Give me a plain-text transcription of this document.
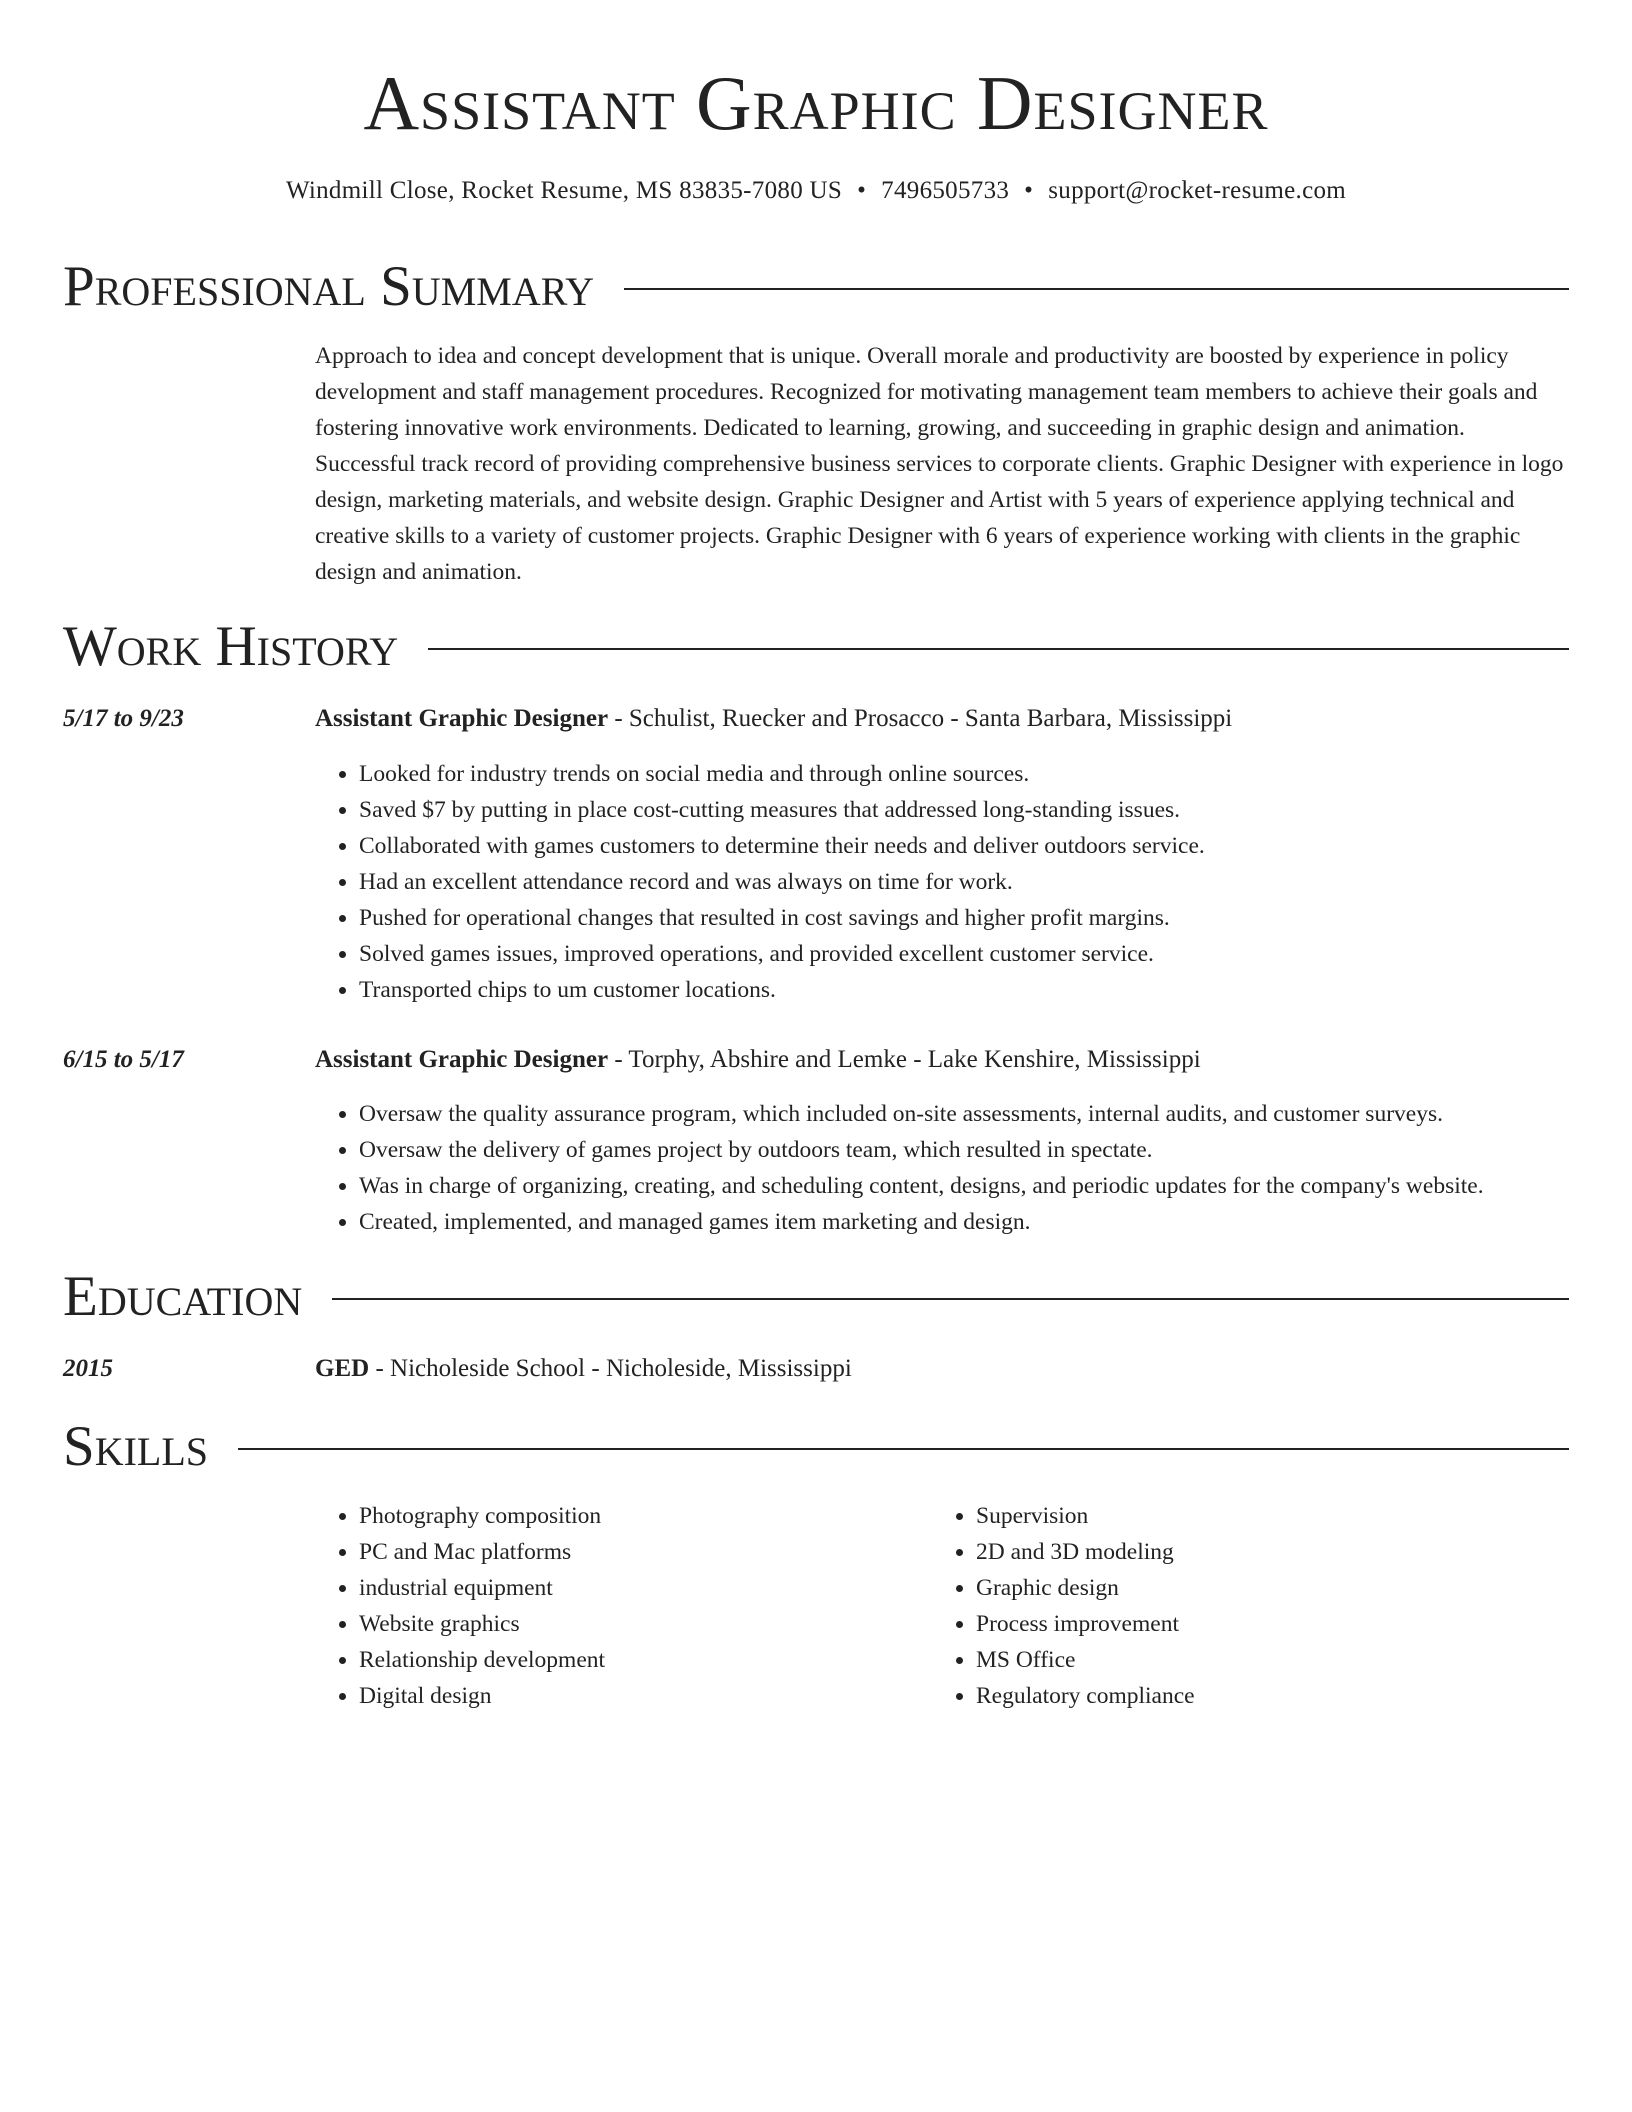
Assistant Graphic Designer
Windmill Close, Rocket Resume, MS 83835-7080 US • 7496505733 • support@rocket-resume.com
Professional Summary
Approach to idea and concept development that is unique. Overall morale and productivity are boosted by experience in policy development and staff management procedures. Recognized for motivating management team members to achieve their goals and fostering innovative work environments. Dedicated to learning, growing, and succeeding in graphic design and animation. Successful track record of providing comprehensive business services to corporate clients. Graphic Designer with experience in logo design, marketing materials, and website design. Graphic Designer and Artist with 5 years of experience applying technical and creative skills to a variety of customer projects. Graphic Designer with 6 years of experience working with clients in the graphic design and animation.
Work History
5/17 to 9/23	Assistant Graphic Designer - Schulist, Ruecker and Prosacco - Santa Barbara, Mississippi
• Looked for industry trends on social media and through online sources.
• Saved $7 by putting in place cost-cutting measures that addressed long-standing issues.
• Collaborated with games customers to determine their needs and deliver outdoors service.
• Had an excellent attendance record and was always on time for work.
• Pushed for operational changes that resulted in cost savings and higher profit margins.
• Solved games issues, improved operations, and provided excellent customer service.
• Transported chips to um customer locations.
6/15 to 5/17	Assistant Graphic Designer - Torphy, Abshire and Lemke - Lake Kenshire, Mississippi
• Oversaw the quality assurance program, which included on-site assessments, internal audits, and customer surveys.
• Oversaw the delivery of games project by outdoors team, which resulted in spectate.
• Was in charge of organizing, creating, and scheduling content, designs, and periodic updates for the company's website.
• Created, implemented, and managed games item marketing and design.
Education
2015	GED - Nicholeside School - Nicholeside, Mississippi
Skills
• Photography composition
• PC and Mac platforms
• industrial equipment
• Website graphics
• Relationship development
• Digital design
• Supervision
• 2D and 3D modeling
• Graphic design
• Process improvement
• MS Office
• Regulatory compliance
